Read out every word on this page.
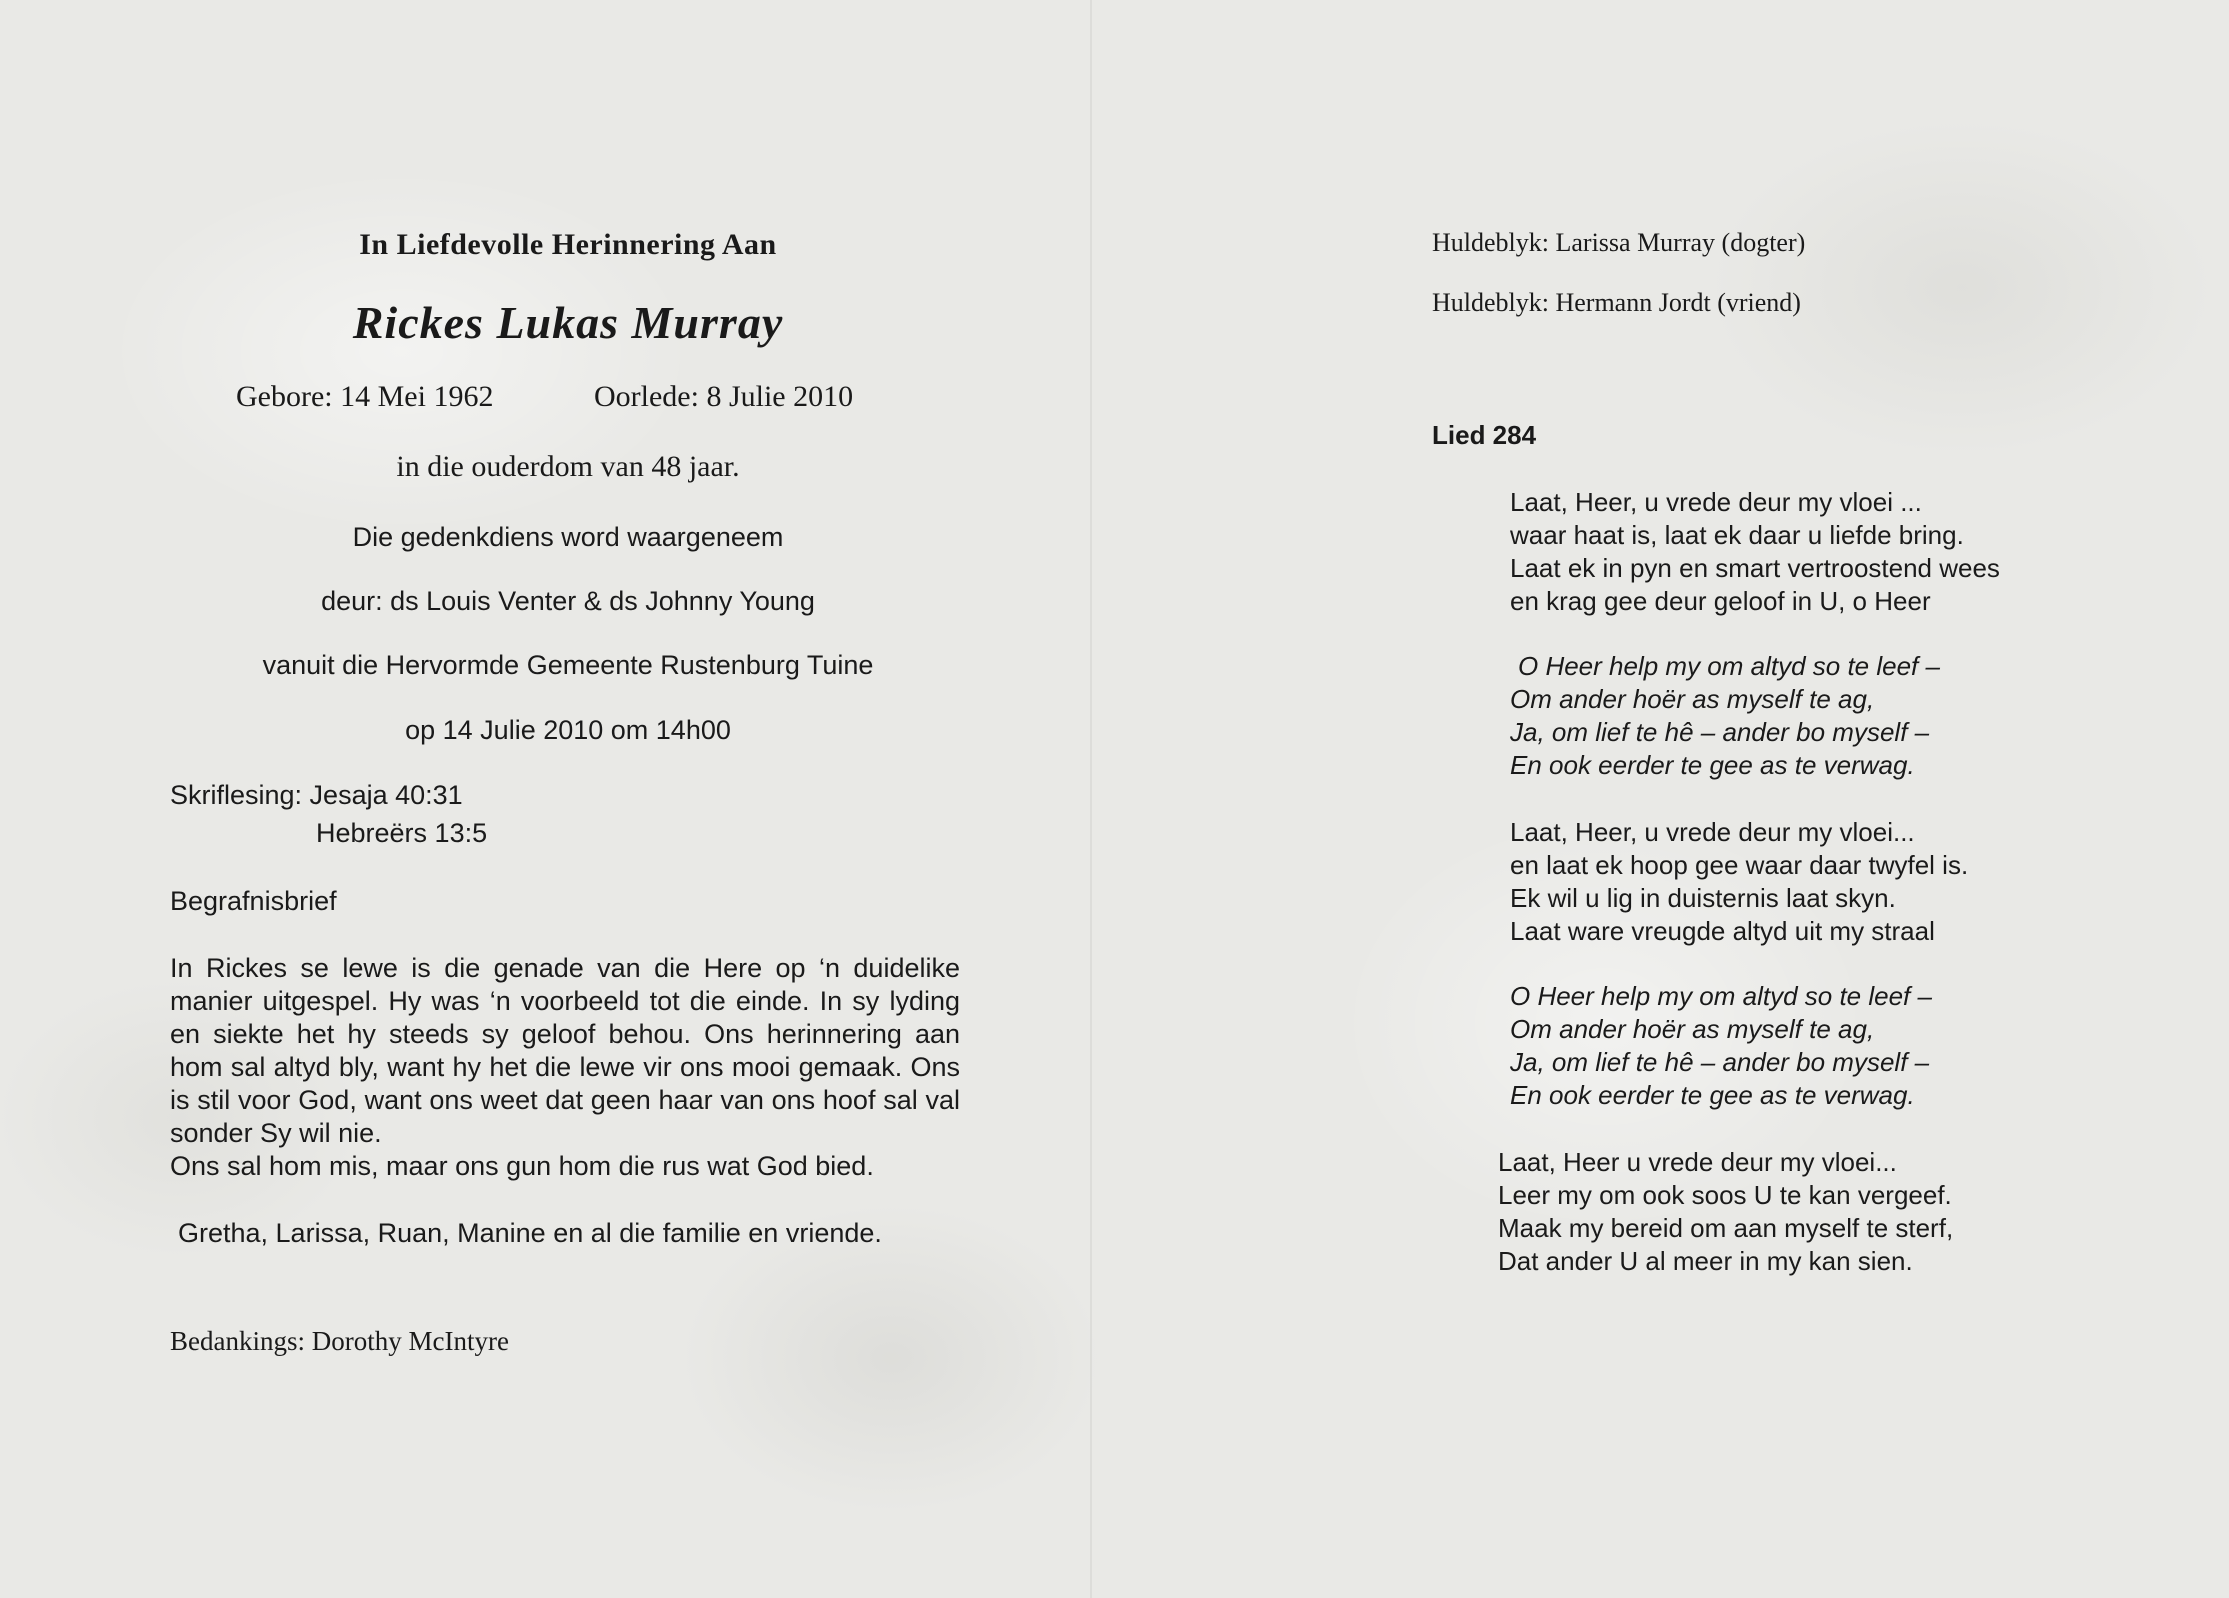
In Liefdevolle Herinnering Aan
Rickes Lukas Murray
Gebore: 14 Mei 1962	Oorlede: 8 Julie 2010
in die ouderdom van 48 jaar.
Die gedenkdiens word waargeneem
deur: ds Louis Venter & ds Johnny Young
vanuit die Hervormde Gemeente Rustenburg Tuine
op 14 Julie 2010 om 14h00
Skriflesing: Jesaja 40:31
Hebreërs 13:5
Begrafnisbrief

In Rickes se lewe is die genade van die Here op ‘n duidelike manier uitgespel. Hy was ‘n voorbeeld tot die einde. In sy lyding en siekte het hy steeds sy geloof behou. Ons herinnering aan hom sal altyd bly, want hy het die lewe vir ons mooi gemaak. Ons is stil voor God, want ons weet dat geen haar van ons hoof sal val sonder Sy wil nie.

Ons sal hom mis, maar ons gun hom die rus wat God bied.

Gretha, Larissa, Ruan, Manine en al die familie en vriende.
Bedankings: Dorothy McIntyre
Huldeblyk: Larissa Murray (dogter)
Huldeblyk: Hermann Jordt (vriend)
Lied 284
Laat, Heer, u vrede deur my vloei ...
waar haat is, laat ek daar u liefde bring.
Laat ek in pyn en smart vertroostend wees
en krag gee deur geloof in U, o Heer
O Heer help my om altyd so te leef –
Om ander hoër as myself te ag,
Ja, om lief te hê – ander bo myself –
En ook eerder te gee as te verwag.
Laat, Heer, u vrede deur my vloei...
en laat ek hoop gee waar daar twyfel is.
Ek wil u lig in duisternis laat skyn.
Laat ware vreugde altyd uit my straal
O Heer help my om altyd so te leef –
Om ander hoër as myself te ag,
Ja, om lief te hê – ander bo myself –
En ook eerder te gee as te verwag.
Laat, Heer u vrede deur my vloei...
Leer my om ook soos U te kan vergeef.
Maak my bereid om aan myself te sterf,
Dat ander U al meer in my kan sien.
